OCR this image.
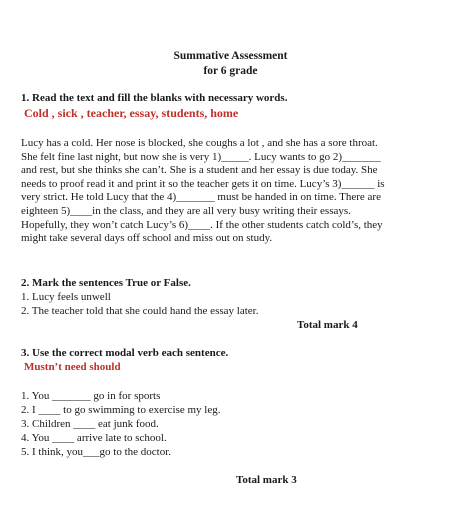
Summative Assessment
for 6 grade
1. Read the text and fill the blanks with necessary words.
Cold , sick , teacher, essay, students, home
Lucy has a cold. Her nose is blocked, she coughs a lot , and she has a sore throat.
She felt fine last night, but now she is very 1)_____. Lucy wants to go 2)_______
and rest, but she thinks she can’t. She is a student and her essay is due today. She
needs to proof read it and print it so the teacher gets it on time. Lucy’s 3)______ is
very strict. He told Lucy that the 4)_______ must be handed in on time. There are
eighteen 5)____in the class, and they are all very busy writing their essays.
Hopefully, they won’t catch Lucy’s 6)____. If the other students catch cold’s, they
might take several days off school and miss out on study.
2. Mark the sentences True or False.
1. Lucy feels unwell
2. The teacher told that she could hand the essay later.
Total mark 4
3. Use the correct modal verb each sentence.
Mustn’t need should
1. You _______ go in for sports
2. I ____ to go swimming to exercise my leg.
3. Children ____ eat junk food.
4. You ____ arrive late to school.
5. I think, you___go to the doctor.
Total mark 3
